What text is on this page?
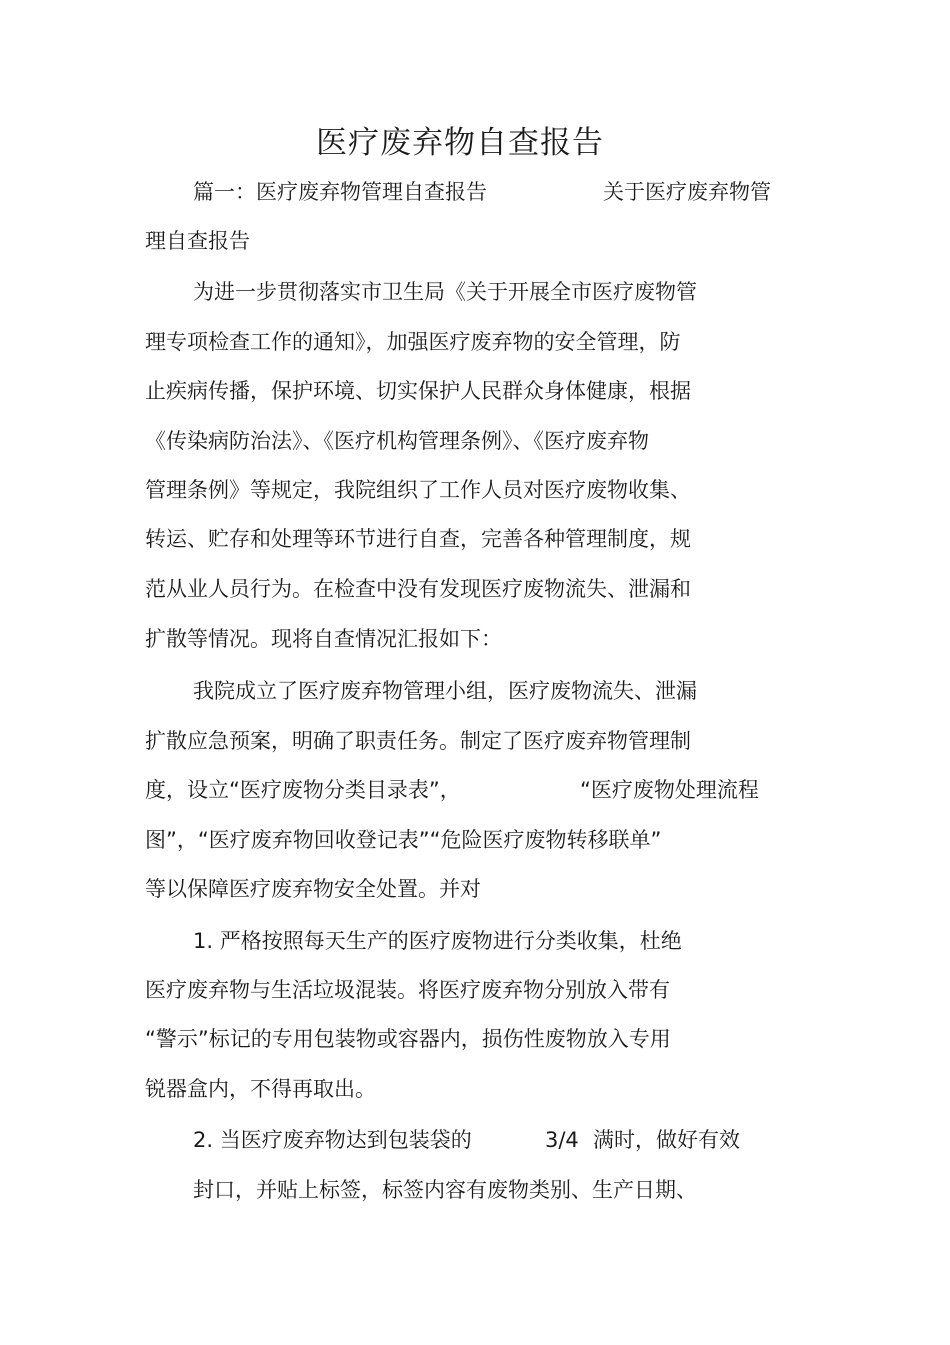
医疗废弃物自查报告
篇一：医疗废弃物管理自查报告	关于医疗废弃物管
理自查报告
为进一步贯彻落实市卫生局《关于开展全市医疗废物管
理专项检查工作的通知》，加强医疗废弃物的安全管理，防
止疾病传播，保护环境、切实保护人民群众身体健康，根据
《传染病防治法》、《医疗机构管理条例》、《医疗废弃物
管理条例》等规定，我院组织了工作人员对医疗废物收集、
转运、贮存和处理等环节进行自查，完善各种管理制度，规
范从业人员行为。在检查中没有发现医疗废物流失、泄漏和
扩散等情况。现将自查情况汇报如下：
我院成立了医疗废弃物管理小组，医疗废物流失、泄漏
扩散应急预案，明确了职责任务。制定了医疗废弃物管理制
度，设立“医疗废物分类目录表”，	“医疗废物处理流程
图”，“医疗废弃物回收登记表”“危险医疗废物转移联单”
等以保障医疗废弃物安全处置。并对
1. 严格按照每天生产的医疗废物进行分类收集，杜绝
医疗废弃物与生活垃圾混装。将医疗废弃物分别放入带有
“警示”标记的专用包装物或容器内，损伤性废物放入专用
锐器盒内，不得再取出。
2. 当医疗废弃物达到包装袋的	3/4 满时，做好有效
封口，并贴上标签，标签内容有废物类别、生产日期、
